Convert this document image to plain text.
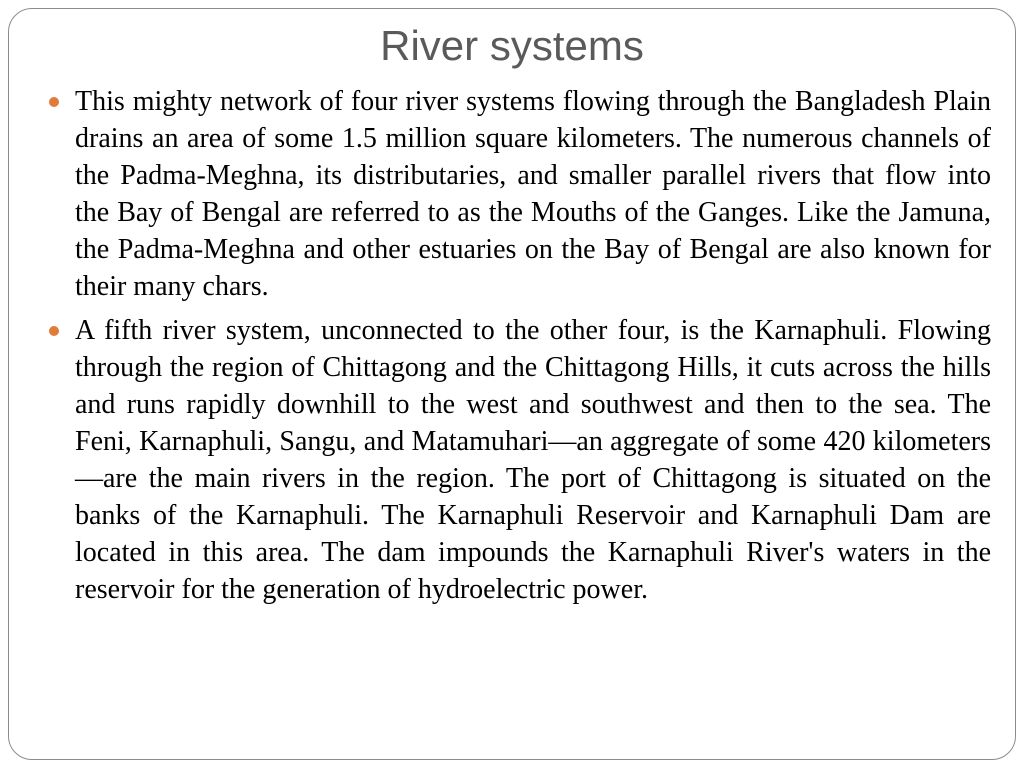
River systems
This mighty network of four river systems flowing through the Bangladesh Plain drains an area of some 1.5 million square kilometers. The numerous channels of the Padma-Meghna, its distributaries, and smaller parallel rivers that flow into the Bay of Bengal are referred to as the Mouths of the Ganges. Like the Jamuna, the Padma-Meghna and other estuaries on the Bay of Bengal are also known for their many chars.
A fifth river system, unconnected to the other four, is the Karnaphuli. Flowing through the region of Chittagong and the Chittagong Hills, it cuts across the hills and runs rapidly downhill to the west and southwest and then to the sea. The Feni, Karnaphuli, Sangu, and Matamuhari—an aggregate of some 420 kilometers—are the main rivers in the region. The port of Chittagong is situated on the banks of the Karnaphuli. The Karnaphuli Reservoir and Karnaphuli Dam are located in this area. The dam impounds the Karnaphuli River's waters in the reservoir for the generation of hydroelectric power.
